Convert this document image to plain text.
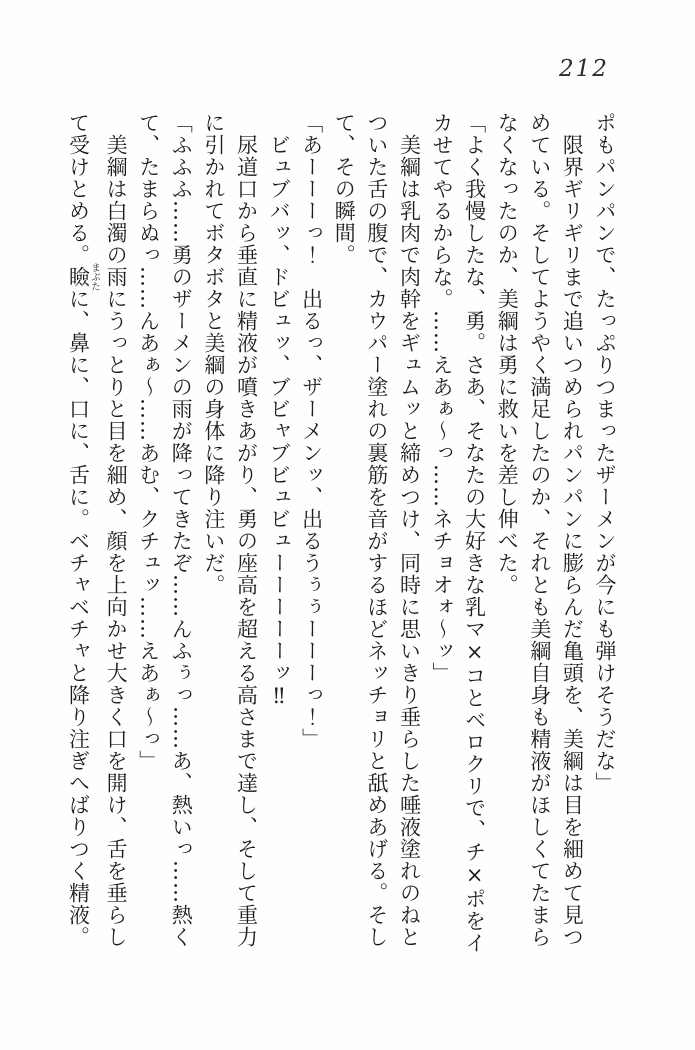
212
ポもパンパンで、たっぷりつまったザーメンが今にも弾けそうだな」
　限界ギリギリまで追いつめられパンパンに膨らんだ亀頭を、美綱は目を細めて見つ
めている。そしてようやく満足したのか、それとも美綱自身も精液がほしくてたまら
なくなったのか、美綱は勇に救いを差し伸べた。
「よく我慢したな、勇。さあ、そなたの大好きな乳マ×コとベロクリで、チ×ポをイ
カせてやるからな。……えあぁ～っ……ネチョオォ～ッ」
　美綱は乳肉で肉幹をギュムッと締めつけ、同時に思いきり垂らした唾液塗れのねと
ついた舌の腹で、カウパー塗れの裏筋を音がするほどネッチョリと舐めあげる。そし
て、その瞬間。
「あーーーっ！　出るっ、ザーメンッ、出るうぅぅーーーっ！」
　ビュブバッ、ドビュッ、ブビャブビュビューーーーーッ‼
　尿道口から垂直に精液が噴きあがり、勇の座高を超える高さまで達し、そして重力
に引かれてボタボタと美綱の身体に降り注いだ。
「ふふふ……勇のザーメンの雨が降ってきたぞ……んふぅっ……あ、熱いっ……熱く
て、たまらぬっ……んあぁ～……あむ、クチュッ……えあぁ～っ」
　美綱は白濁の雨にうっとりと目を細め、顔を上向かせ大きく口を開け、舌を垂らし
て受けとめる。瞼まぶたに、鼻に、口に、舌に。ベチャベチャと降り注ぎへばりつく精液。
